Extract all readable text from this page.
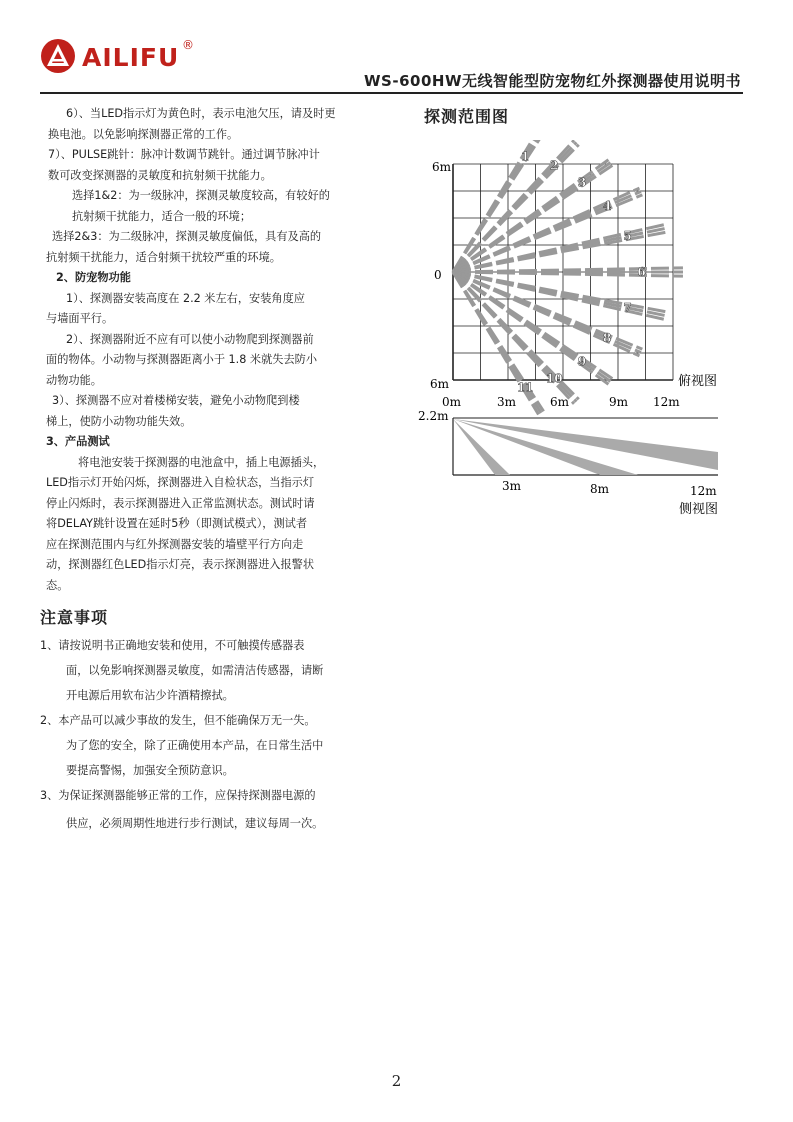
AILIFU ®
WS-600HW无线智能型防宠物红外探测器使用说明书

6）、当LED指示灯为黄色时，表示电池欠压，请及时更

换电池。以免影响探测器正常的工作。

7）、PULSE跳针：脉冲计数调节跳针。通过调节脉冲计

数可改变探测器的灵敏度和抗射频干扰能力。

选择1&2：为一级脉冲，探测灵敏度较高，有较好的

抗射频干扰能力，适合一般的环境；

选择2&3：为二级脉冲，探测灵敏度偏低，具有及高的

抗射频干扰能力，适合射频干扰较严重的环境。

2、防宠物功能

1）、探测器安装高度在 2.2 米左右，安装角度应

与墙面平行。

2）、探测器附近不应有可以使小动物爬到探测器前

面的物体。小动物与探测器距离小于 1.8 米就失去防小

动物功能。

3）、探测器不应对着楼梯安装，避免小动物爬到楼

梯上，使防小动物功能失效。

3、产品测试

将电池安装于探测器的电池盒中，插上电源插头，

LED指示灯开始闪烁，探测器进入自检状态，当指示灯

停止闪烁时，表示探测器进入正常监测状态。测试时请

将DELAY跳针设置在延时5秒（即测试模式），测试者

应在探测范围内与红外探测器安装的墙壁平行方向走

动，探测器红色LED指示灯亮，表示探测器进入报警状

态。

注意事项

1、请按说明书正确地安装和使用，不可触摸传感器表

面，以免影响探测器灵敏度，如需清洁传感器，请断

开电源后用软布沾少许酒精擦拭。

2、本产品可以减少事故的发生，但不能确保万无一失。

为了您的安全，除了正确使用本产品，在日常生活中

要提高警惕，加强安全预防意识。

3、为保证探测器能够正常的工作，应保持探测器电源的

供应，必须周期性地进行步行测试，建议每周一次。

探测范围图
1
2
3
4
5
6
7
8
9
10
11
6m
0
6m
0m	3m	6m	9m 12m
俯视图
2.2m
3m	8m	12m
侧视图
2
